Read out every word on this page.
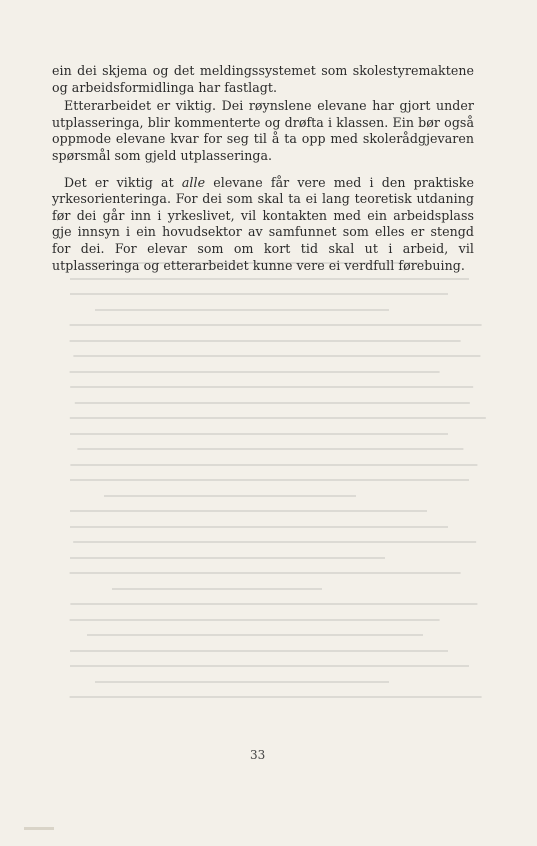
ein dei skjema og det meldingssystemet som skolestyremaktene og arbeidsformidlinga har fastlagt.

Etterarbeidet er viktig. Dei røynslene elevane har gjort under utplasseringa, blir kommenterte og drøfta i klassen. Ein bør også oppmode elevane kvar for seg til å ta opp med skolerådgjevaren spørsmål som gjeld utplasseringa.

Det er viktig at alle elevane får vere med i den praktiske yrkesorienteringa. For dei som skal ta ei lang teoretisk utdaning før dei går inn i yrkeslivet, vil kontakten med ein arbeidsplass gje innsyn i ein hovudsektor av samfunnet som elles er stengd for dei. For elevar som om kort tid skal ut i arbeid, vil utplasseringa og etterarbeidet kunne vere ei verdfull førebuing.

33
